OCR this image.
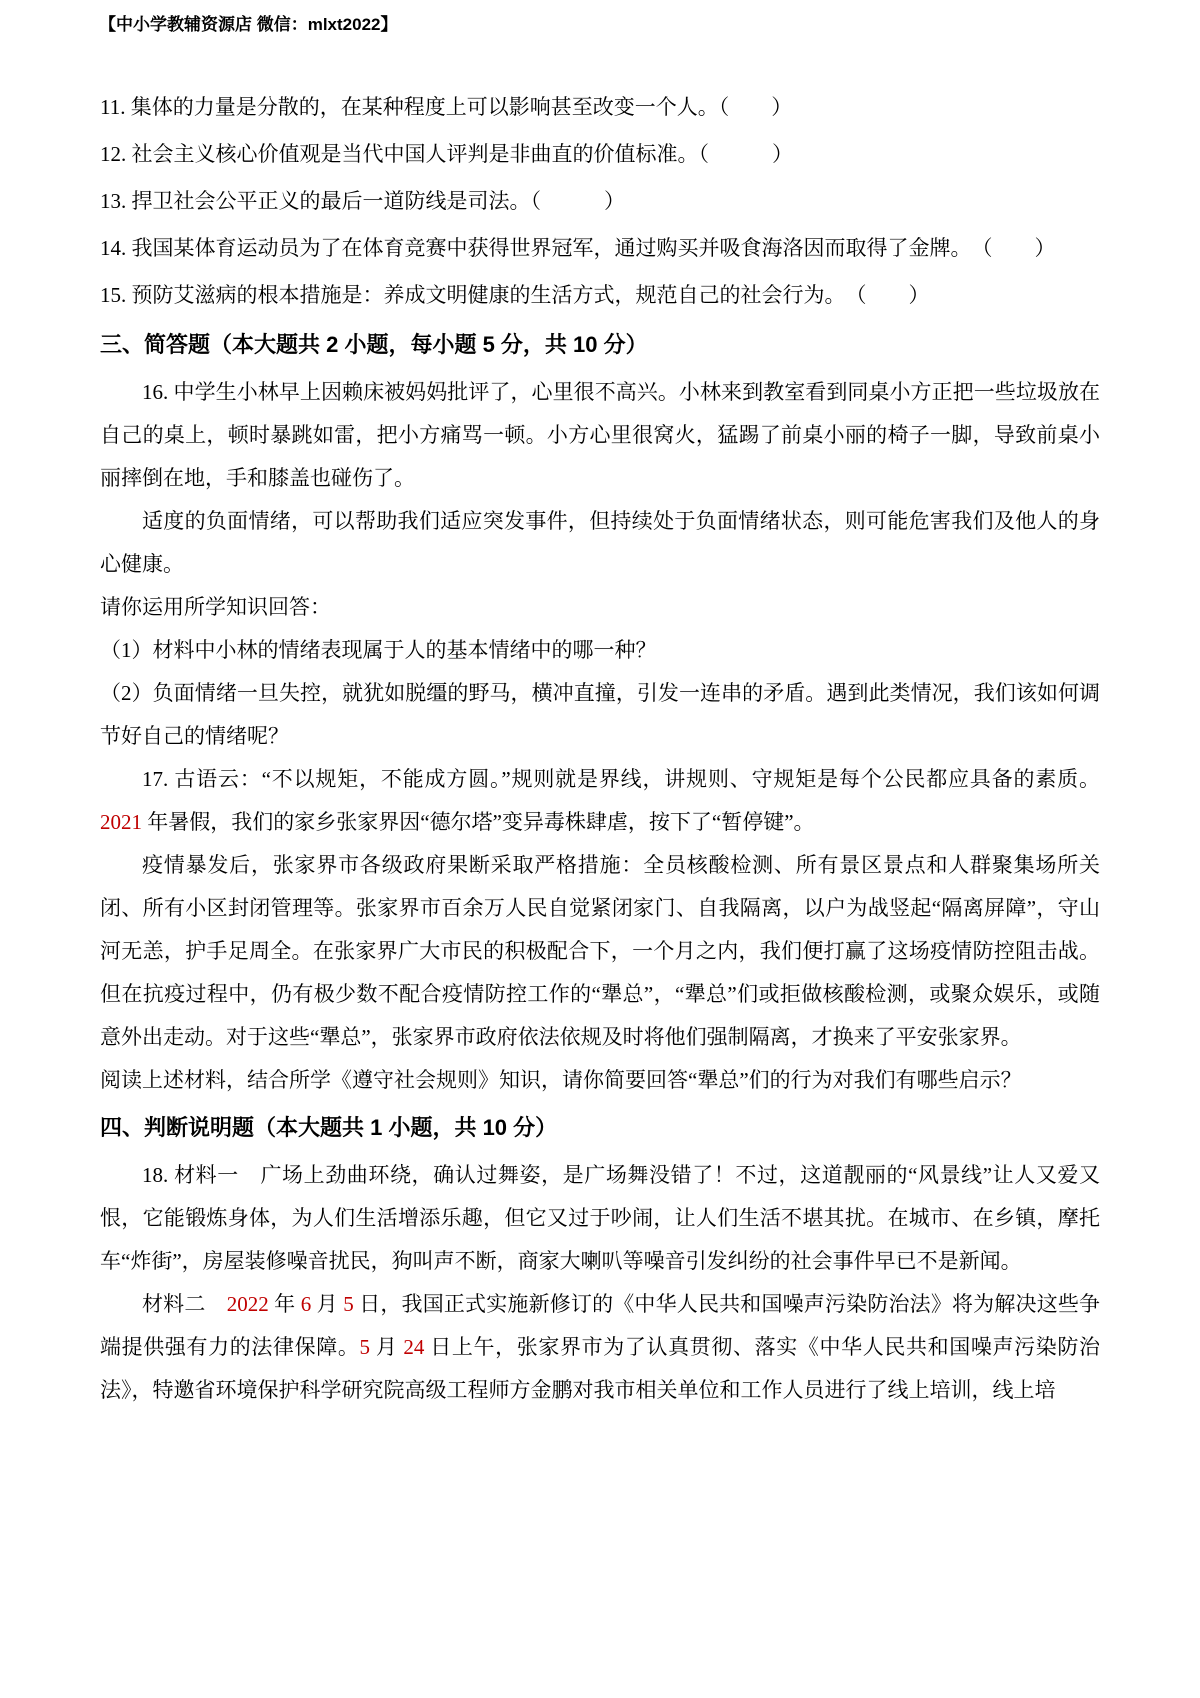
【中小学教辅资源店 微信：mlxt2022】

11. 集体的力量是分散的，在某种程度上可以影响甚至改变一个人。（　　）

12. 社会主义核心价值观是当代中国人评判是非曲直的价值标准。（　　　）

13. 捍卫社会公平正义的最后一道防线是司法。（　　　）

14. 我国某体育运动员为了在体育竞赛中获得世界冠军，通过购买并吸食海洛因而取得了金牌。　（　　）

15. 预防艾滋病的根本措施是：养成文明健康的生活方式，规范自己的社会行为。　（　　）

三、简答题（本大题共 2 小题，每小题 5 分，共 10 分）

16. 中学生小林早上因赖床被妈妈批评了，心里很不高兴。小林来到教室看到同桌小方正把一些垃圾放在自己的桌上，顿时暴跳如雷，把小方痛骂一顿。小方心里很窝火，猛踢了前桌小丽的椅子一脚，导致前桌小丽摔倒在地，手和膝盖也碰伤了。

适度的负面情绪，可以帮助我们适应突发事件，但持续处于负面情绪状态，则可能危害我们及他人的身心健康。

请你运用所学知识回答：

（1）材料中小林的情绪表现属于人的基本情绪中的哪一种？

（2）负面情绪一旦失控，就犹如脱缰的野马，横冲直撞，引发一连串的矛盾。遇到此类情况，我们该如何调节好自己的情绪呢？

17. 古语云：“不以规矩，不能成方圆。”规则就是界线，讲规则、守规矩是每个公民都应具备的素质。2021 年暑假，我们的家乡张家界因“德尔塔”变异毒株肆虐，按下了“暂停键”。

疫情暴发后，张家界市各级政府果断采取严格措施：全员核酸检测、所有景区景点和人群聚集场所关闭、所有小区封闭管理等。张家界市百余万人民自觉紧闭家门、自我隔离，以户为战竖起“隔离屏障”，守山河无恙，护手足周全。在张家界广大市民的积极配合下，一个月之内，我们便打赢了这场疫情防控阻击战。但在抗疫过程中，仍有极少数不配合疫情防控工作的“犟总”，“犟总”们或拒做核酸检测，或聚众娱乐，或随意外出走动。对于这些“犟总”，张家界市政府依法依规及时将他们强制隔离，才换来了平安张家界。

阅读上述材料，结合所学《遵守社会规则》知识，请你简要回答“犟总”们的行为对我们有哪些启示？

四、判断说明题（本大题共 1 小题，共 10 分）

18. 材料一　广场上劲曲环绕，确认过舞姿，是广场舞没错了！不过，这道靓丽的“风景线”让人又爱又恨，它能锻炼身体，为人们生活增添乐趣，但它又过于吵闹，让人们生活不堪其扰。在城市、在乡镇，摩托车“炸街”，房屋装修噪音扰民，狗叫声不断，商家大喇叭等噪音引发纠纷的社会事件早已不是新闻。

材料二　2022 年 6 月 5 日，我国正式实施新修订的《中华人民共和国噪声污染防治法》将为解决这些争端提供强有力的法律保障。5 月 24 日上午，张家界市为了认真贯彻、落实《中华人民共和国噪声污染防治法》，特邀省环境保护科学研究院高级工程师方金鹏对我市相关单位和工作人员进行了线上培训，线上培
